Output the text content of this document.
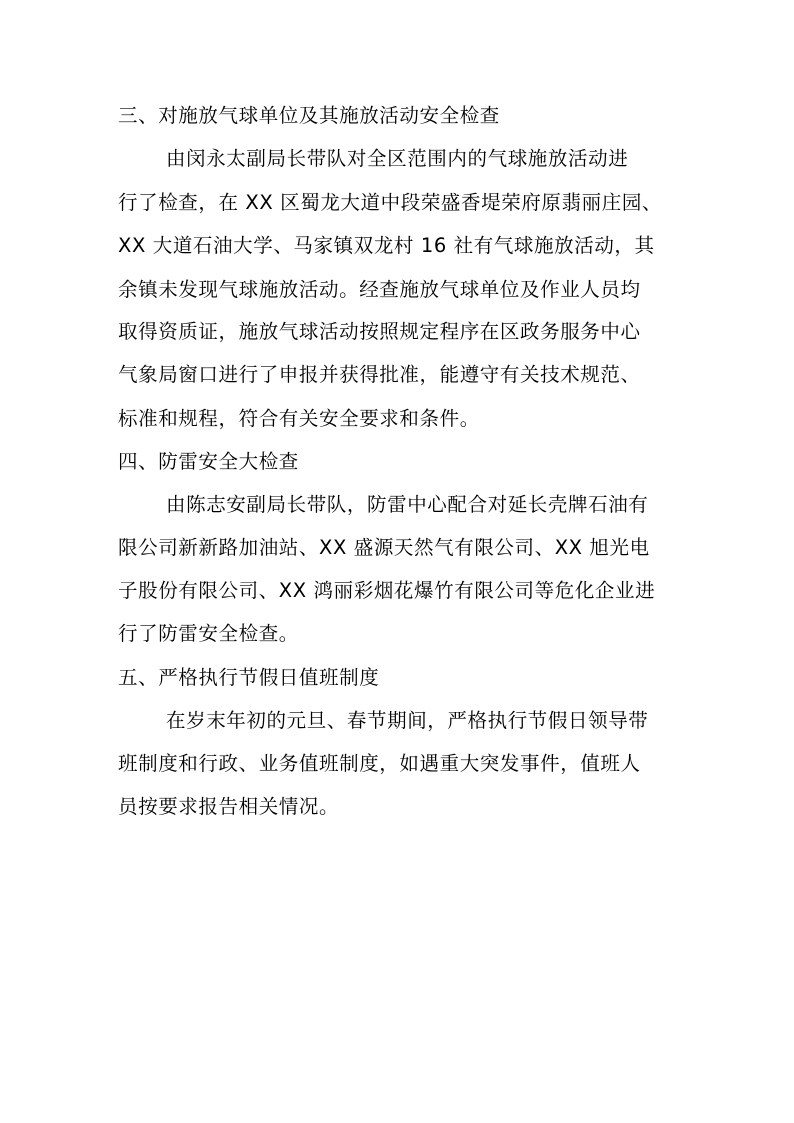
三、对施放气球单位及其施放活动安全检查
由闵永太副局长带队对全区范围内的气球施放活动进
行了检查，在 XX 区蜀龙大道中段荣盛香堤荣府原翡丽庄园、
XX 大道石油大学、马家镇双龙村 16 社有气球施放活动，其
余镇未发现气球施放活动。经查施放气球单位及作业人员均
取得资质证，施放气球活动按照规定程序在区政务服务中心
气象局窗口进行了申报并获得批准，能遵守有关技术规范、
标准和规程，符合有关安全要求和条件。
四、防雷安全大检查
由陈志安副局长带队，防雷中心配合对延长壳牌石油有
限公司新新路加油站、XX 盛源天然气有限公司、XX 旭光电
子股份有限公司、XX 鸿丽彩烟花爆竹有限公司等危化企业进
行了防雷安全检查。
五、严格执行节假日值班制度
在岁末年初的元旦、春节期间，严格执行节假日领导带
班制度和行政、业务值班制度，如遇重大突发事件，值班人
员按要求报告相关情况。
